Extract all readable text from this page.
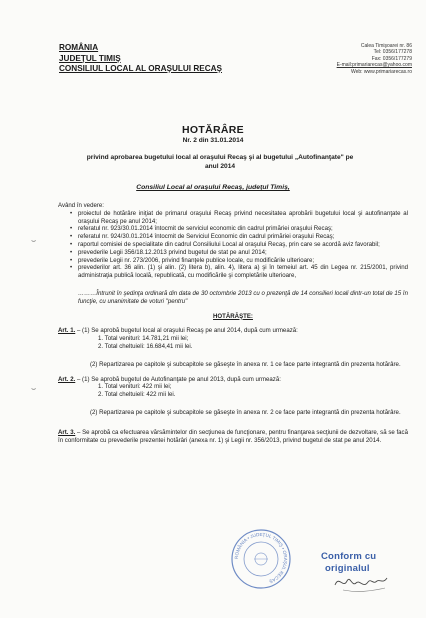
ROMÂNIA
JUDEŢUL TIMIŞ
CONSILIUL LOCAL AL ORAŞULUI RECAŞ
Calea Timişoarei nr. 86
Tel: 0356/177278
Fax: 0356/177279
E-mail:primariarecas@yahoo.com
Web: www.primariarecas.ro
HOTĂRÂRE
Nr. 2 din 31.01.2014
privind aprobarea bugetului local al oraşului Recaş şi al bugetului „Autofinanţate" pe anul 2014
Consiliul Local al oraşului Recaş, judeţul Timiş,

Având în vedere:

• proiectul de hotărâre iniţiat de primarul oraşului Recaş privind necesitatea aprobării bugetului local şi autofinanţate al oraşului Recaş pe anul 2014;
• referatul nr. 923/30.01.2014 întocmit de serviciul economic din cadrul primăriei oraşului Recaş;
• referatul nr. 924/30.01.2014 întocmit de Serviciul Economic din cadrul primăriei oraşului Recaş;
• raportul comisiei de specialitate din cadrul Consiliului Local al oraşului Recaş, prin care se acordă aviz favorabil;
• prevederile Legii 356/18.12.2013 privind bugetul de stat pe anul 2014;
• prevederile Legii nr. 273/2006, privind finanţele publice locale, cu modificările ulterioare;
• prevederilor art. 36 alin. (1) şi alin. (2) litera b), alin. 4), litera a) şi în temeiul art. 45 din Legea nr. 215/2001, privind administraţia publică locală, republicată, cu modificările şi completările ulterioare,

………Întrunit în şedinţa ordinară din data de 30 octombrie 2013 cu o prezenţă de 14 consilieri locali dintr-un total de 15 în funcţie, cu unanimitate de voturi "pentru"

HOTĂRĂŞTE:

Art. 1. – (1) Se aprobă bugetul local al oraşului Recaş pe anul 2014, după cum urmează:

1. Total venituri: 14.781,21 mii lei;
2. Total cheltuieli: 16.684,41 mii lei.

(2) Repartizarea pe capitole şi subcapitole se găseşte în anexa nr. 1 ce face parte integrantă din prezenta hotărâre.

Art. 2. – (1) Se aprobă bugetul de Autofinanţate pe anul 2013, după cum urmează:

1. Total venituri: 422 mii lei;
2. Total cheltuieli: 422 mii lei.

(2) Repartizarea pe capitole şi subcapitole se găseşte în anexa nr. 2 ce face parte integrantă din prezenta hotărâre.

Art. 3. – Se aprobă ca efectuarea vărsămintelor din secţiunea de funcţionare, pentru finanţarea secţiunii de dezvoltare, să se facă în conformitate cu prevederile prezentei hotărâri (anexa nr. 1) şi Legii nr. 356/2013, privind bugetul de stat pe anul 2014.

⌣
⌣
ROMÂNIA • JUDEŢUL TIMIŞ • ORAŞUL RECAŞ
Conform cu
originalul
